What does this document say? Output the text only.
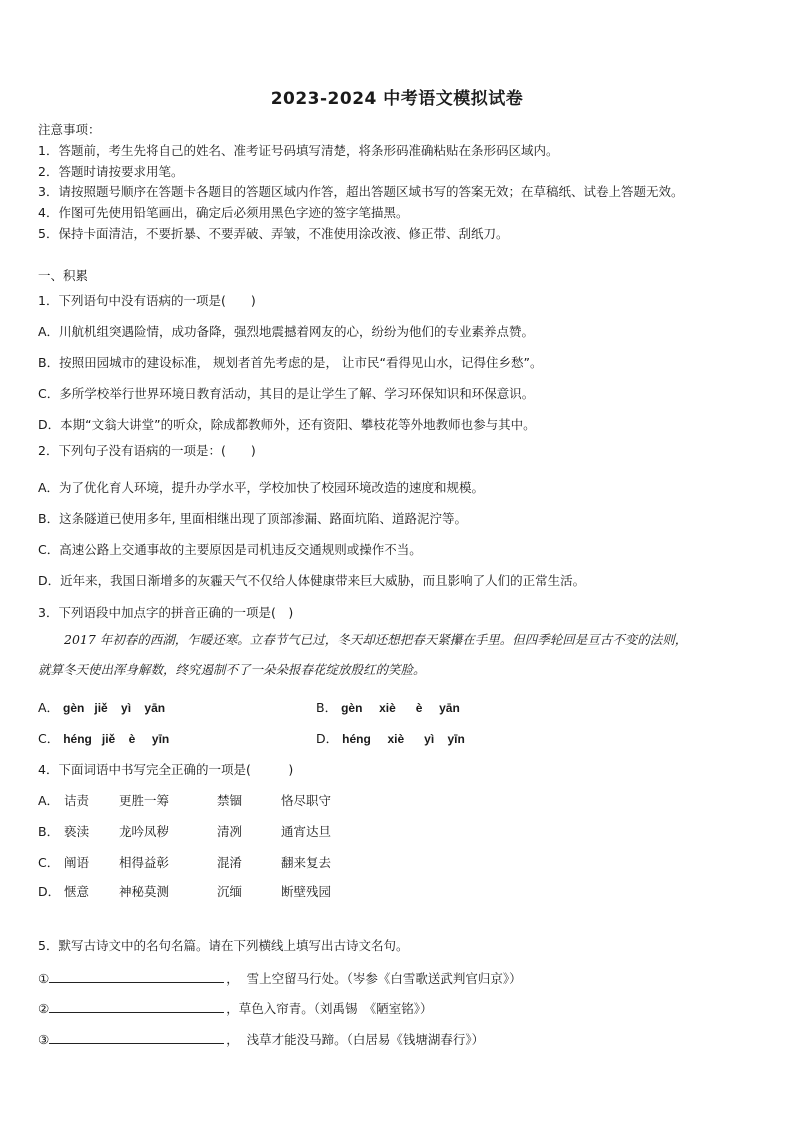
2023-2024 中考语文模拟试卷
注意事项：
1．答题前，考生先将自己的姓名、准考证号码填写清楚，将条形码准确粘贴在条形码区域内。
2．答题时请按要求用笔。
3．请按照题号顺序在答题卡各题目的答题区域内作答，超出答题区域书写的答案无效；在草稿纸、试卷上答题无效。
4．作图可先使用铅笔画出，确定后必须用黑色字迹的签字笔描黑。
5．保持卡面清洁，不要折暴、不要弄破、弄皱，不准使用涂改液、修正带、刮纸刀。
一、积累
1．下列语句中没有语病的一项是(　　)
A．川航机组突遇险情，成功备降，强烈地震撼着网友的心，纷纷为他们的专业素养点赞。
B．按照田园城市的建设标准， 规划者首先考虑的是， 让市民“看得见山水，记得住乡愁”。
C．多所学校举行世界环境日教育活动，其目的是让学生了解、学习环保知识和环保意识。
D．本期“文翁大讲堂”的听众，除成都教师外，还有资阳、攀枝花等外地教师也参与其中。
2．下列句子没有语病的一项是：(　　)
A．为了优化育人环境，提升办学水平，学校加快了校园环境改造的速度和规模。
B．这条隧道已使用多年, 里面相继出现了顶部渗漏、路面坑陷、道路泥泞等。
C．高速公路上交通事故的主要原因是司机违反交通规则或操作不当。
D．近年来，我国日渐增多的灰霾天气不仅给人体健康带来巨大威胁，而且影响了人们的正常生活。
3．下列语段中加点字的拼音正确的一项是(　)
2017 年初春的西湖，乍暖还寒。立春节气已过，冬天却还想把春天紧攥在手里。但四季轮回是亘古不变的法则，
就算冬天使出浑身解数，终究遏制不了一朵朵报春花绽放殷红的笑脸。
A． gèn   jiě    yì    yān	B． gèn     xiè      è     yān
C． héng   jiě    è     yīn	D． héng     xiè      yì    yīn
4．下面词语中书写完全正确的一项是(　　　)
A． 诘责 更胜一筹	禁锢	恪尽职守
B． 亵渎 龙吟凤秽	清冽	通宵达旦
C． 阐语 相得益彰	混淆	翻来复去
D． 惬意 神秘莫测	沉缅	断壁残园
5．默写古诗文中的名句名篇。请在下列横线上填写出古诗文名句。
①	，  雪上空留马行处。（岑参《白雪歌送武判官归京》）
②	，草色入帘青。（刘禹锡　《陋室铭》）
③	，  浅草才能没马蹄。（白居易《钱塘湖春行》）
